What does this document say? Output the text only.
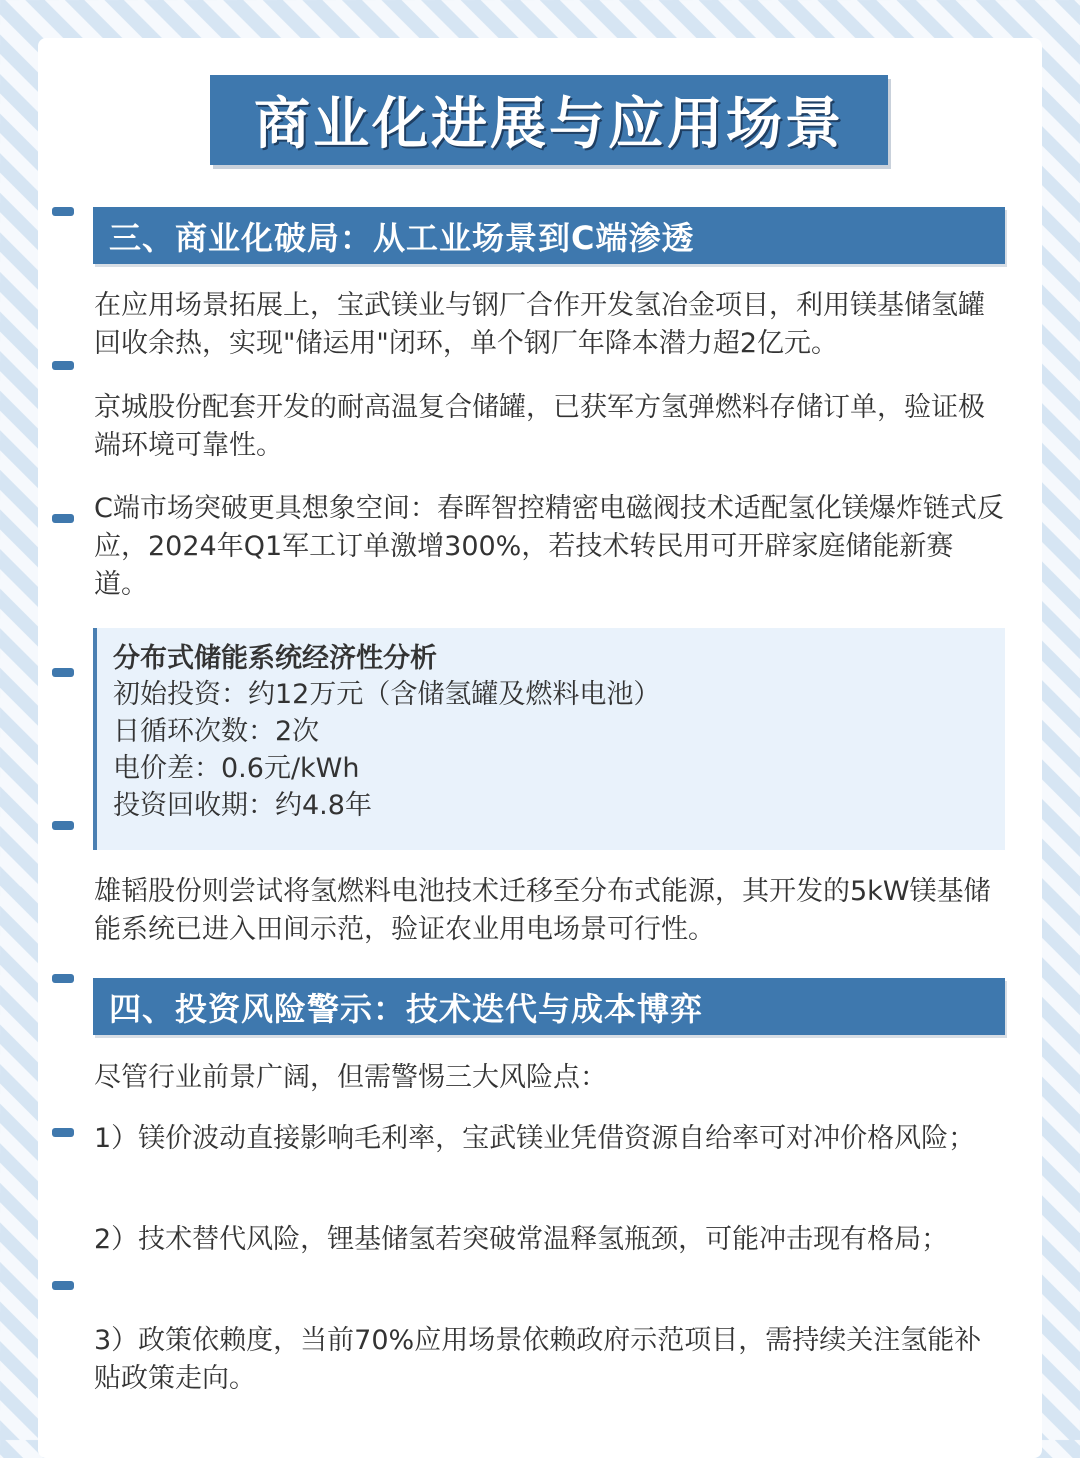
商业化进展与应用场景
三、商业化破局：从工业场景到C端渗透

在应用场景拓展上，宝武镁业与钢厂合作开发氢冶金项目，利用镁基储氢罐回收余热，实现"储运用"闭环，单个钢厂年降本潜力超2亿元。

京城股份配套开发的耐高温复合储罐，已获军方氢弹燃料存储订单，验证极端环境可靠性。

C端市场突破更具想象空间：春晖智控精密电磁阀技术适配氢化镁爆炸链式反应，2024年Q1军工订单激增300%，若技术转民用可开辟家庭储能新赛道。

分布式储能系统经济性分析
初始投资：约12万元（含储氢罐及燃料电池）
日循环次数：2次
电价差：0.6元/kWh
投资回收期：约4.8年

雄韬股份则尝试将氢燃料电池技术迁移至分布式能源，其开发的5kW镁基储能系统已进入田间示范，验证农业用电场景可行性。

四、投资风险警示：技术迭代与成本博弈

尽管行业前景广阔，但需警惕三大风险点：

1）镁价波动直接影响毛利率，宝武镁业凭借资源自给率可对冲价格风险；

2）技术替代风险，锂基储氢若突破常温释氢瓶颈，可能冲击现有格局；

3）政策依赖度，当前70%应用场景依赖政府示范项目，需持续关注氢能补贴政策走向。
